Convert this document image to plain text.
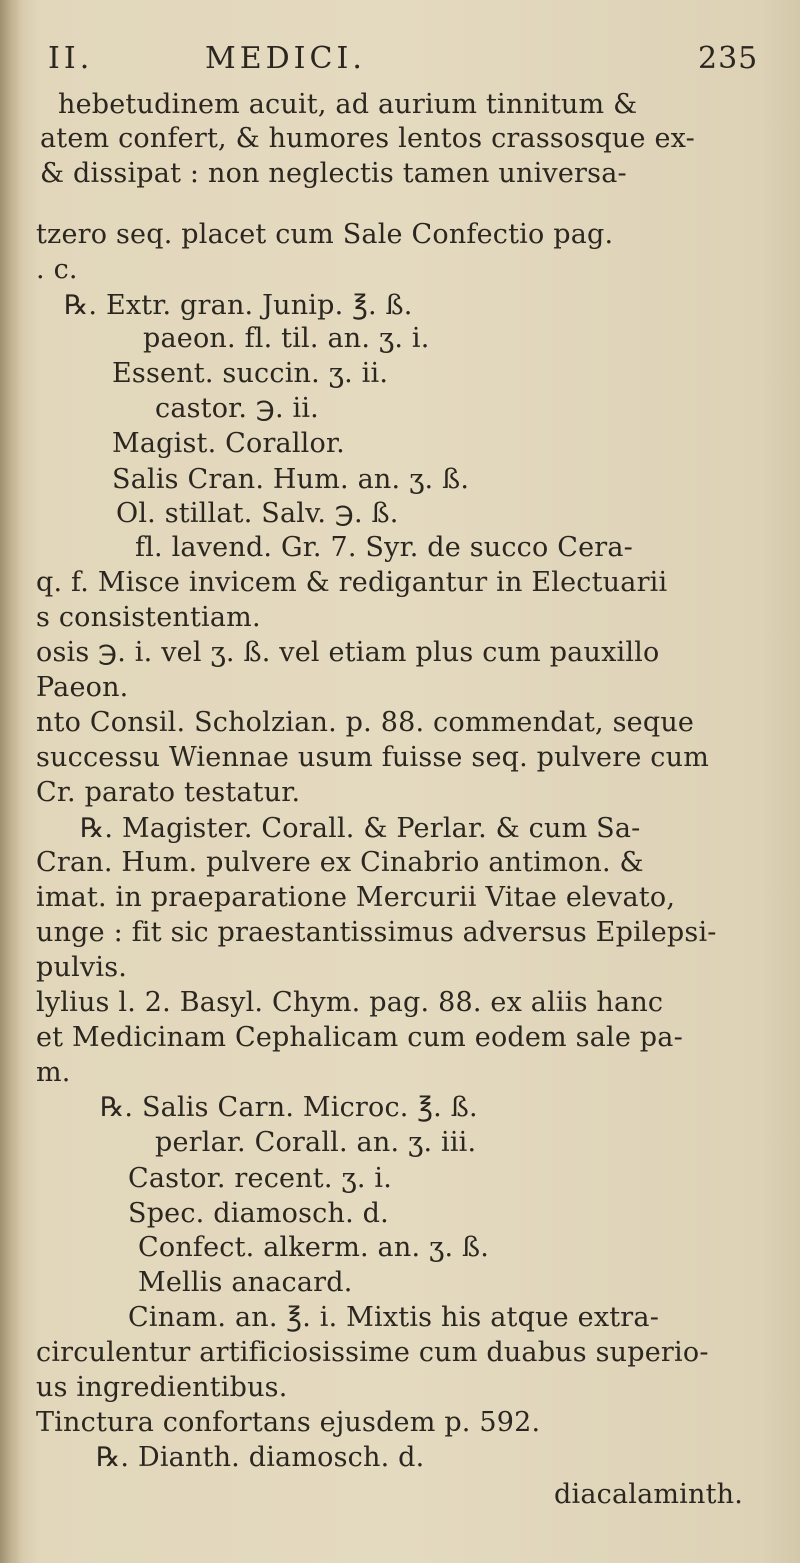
II.	MEDICI.	235
hebetudinem acuit, ad aurium tinnitum &
atem confert, & humores lentos crassosque ex-
& dissipat : non neglectis tamen universa-
tzero seq. placet cum Sale Confectio pag.
. c.
℞. Extr. gran. Junip. ℥. ß.
paeon. fl. til. an. ʒ. i.
Essent. succin. ʒ. ii.
castor. ℈. ii.
Magist. Corallor.
Salis Cran. Hum. an. ʒ. ß.
Ol. stillat. Salv. ℈. ß.
fl. lavend. Gr. 7. Syr. de succo Cera-
q. f. Misce invicem & redigantur in Electuarii
s consistentiam.
osis ℈. i. vel ʒ. ß. vel etiam plus cum pauxillo
Paeon.
nto Consil. Scholzian. p. 88. commendat, seque
successu Wiennae usum fuisse seq. pulvere cum
Cr. parato testatur.
℞. Magister. Corall. & Perlar. & cum Sa-
Cran. Hum. pulvere ex Cinabrio antimon. &
imat. in praeparatione Mercurii Vitae elevato,
unge : fit sic praestantissimus adversus Epilepsi-
pulvis.
lylius l. 2. Basyl. Chym. pag. 88. ex aliis hanc
et Medicinam Cephalicam cum eodem sale pa-
m.
℞. Salis Carn. Microc. ℥. ß.
perlar. Corall. an. ʒ. iii.
Castor. recent. ʒ. i.
Spec. diamosch. d.
Confect. alkerm. an. ʒ. ß.
Mellis anacard.
Cinam. an. ℥. i. Mixtis his atque extra-
circulentur artificiosissime cum duabus superio-
us ingredientibus.
Tinctura confortans ejusdem p. 592.
℞. Dianth. diamosch. d.
diacalaminth.
